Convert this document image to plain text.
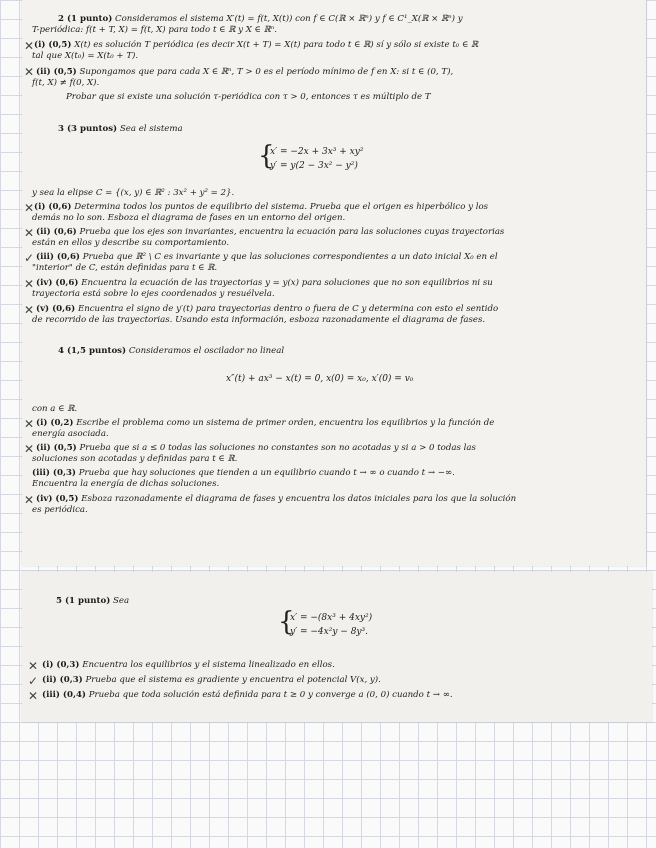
2 (1 punto) Consideramos el sistema X′(t) = f(t, X(t)) con f ∈ C(ℝ × ℝⁿ) y f ∈ C¹_X(ℝ × ℝⁿ) y
T-periódica: f(t + T, X) = f(t, X) para todo t ∈ ℝ y X ∈ ℝⁿ.
✕ (i) (0,5) X(t) es solución T periódica (es decir X(t + T) = X(t) para todo t ∈ ℝ) sí y sólo si existe t₀ ∈ ℝ
tal que X(t₀) = X(t₀ + T).
✕ (ii) (0,5) Supongamos que para cada X ∈ ℝⁿ, T > 0 es el período mínimo de f en X: si t ∈ (0, T),
f(t, X) ≠ f(0, X).
Probar que si existe una solución τ-periódica con τ > 0, entonces τ es múltiplo de T
3 (3 puntos) Sea el sistema
{
x′ = −2x + 3x³ + xy²
y′ = y(2 − 3x² − y²)
y sea la elipse C = {(x, y) ∈ ℝ² : 3x² + y² = 2}.
✕ (i) (0,6) Determina todos los puntos de equilibrio del sistema. Prueba que el origen es hiperbólico y los
demás no lo son. Esboza el diagrama de fases en un entorno del origen.
✕ (ii) (0,6) Prueba que los ejes son invariantes, encuentra la ecuación para las soluciones cuyas trayectorias
están en ellos y describe su comportamiento.
✓ (iii) (0,6) Prueba que ℝ² \ C es invariante y que las soluciones correspondientes a un dato inicial X₀ en el
"interior" de C, están definidas para t ∈ ℝ.
✕ (iv) (0,6) Encuentra la ecuación de las trayectorias y = y(x) para soluciones que no son equilibrios ni su
trayectoria está sobre lo ejes coordenados y resuélvela.
✕ (v) (0,6) Encuentra el signo de y′(t) para trayectorias dentro o fuera de C y determina con esto el sentido
de recorrido de las trayectorias. Usando esta información, esboza razonadamente el diagrama de fases.
4 (1,5 puntos) Consideramos el oscilador no lineal
x″(t) + ax³ − x(t) = 0, x(0) = x₀, x′(0) = v₀
con a ∈ ℝ.
✕ (i) (0,2) Escribe el problema como un sistema de primer orden, encuentra los equilibrios y la función de
energía asociada.
✕ (ii) (0,5) Prueba que si a ≤ 0 todas las soluciones no constantes son no acotadas y si a > 0 todas las
soluciones son acotadas y definidas para t ∈ ℝ.
(iii) (0,3) Prueba que hay soluciones que tienden a un equilibrio cuando t → ∞ o cuando t → −∞.
Encuentra la energía de dichas soluciones.
✕ (iv) (0,5) Esboza razonadamente el diagrama de fases y encuentra los datos iniciales para los que la solución
es periódica.
5 (1 punto) Sea
{
x′ = −(8x³ + 4xy²)
y′ = −4x²y − 8y³.
✕ (i) (0,3) Encuentra los equilibrios y el sistema linealizado en ellos.
✓ (ii) (0,3) Prueba que el sistema es gradiente y encuentra el potencial V(x, y).
✕ (iii) (0,4) Prueba que toda solución está definida para t ≥ 0 y converge a (0, 0) cuando t → ∞.
